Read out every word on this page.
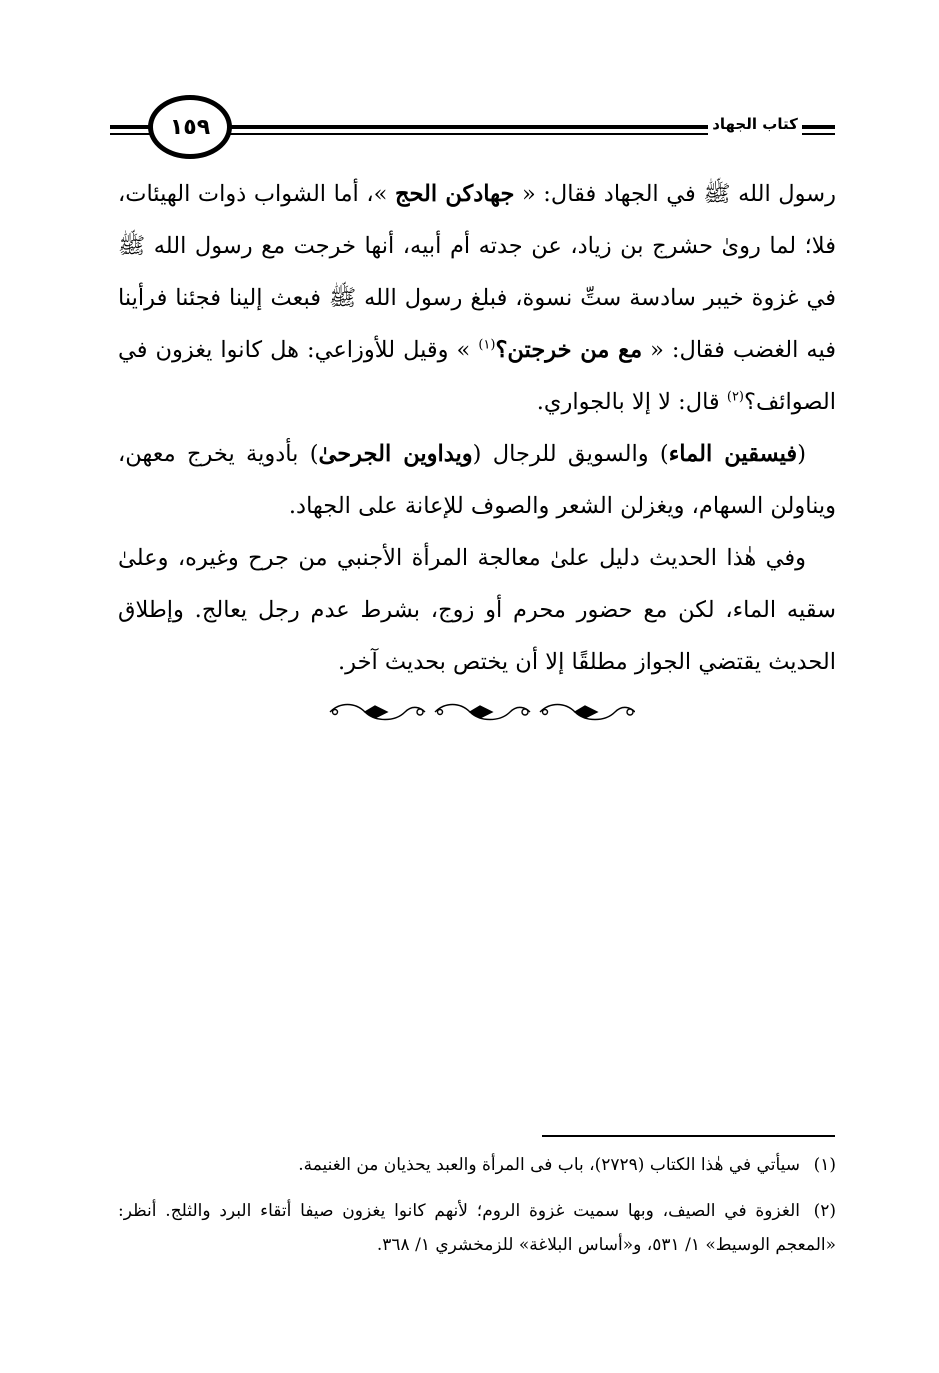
١٥٩	كتاب الجهاد

رسول الله ﷺ في الجهاد فقال: « جهادكن الحج »، أما الشواب ذوات الهيئات، فلا؛ لما روىٰ حشرج بن زياد، عن جدته أم أبيه، أنها خرجت مع رسول الله ﷺ في غزوة خيبر سادسة ستِّ نسوة، فبلغ رسول الله ﷺ فبعث إلينا فجئنا فرأينا فيه الغضب فقال: « مع من خرجتن؟$^{(١)}$ » وقيل للأوزاعي: هل كانوا يغزون في الصوائف؟$^{(٢)}$ قال: لا إلا بالجواري.

(فيسقين الماء) والسويق للرجال (ويداوين الجرحىٰ) بأدوية يخرج معهن، ويناولن السهام، ويغزلن الشعر والصوف للإعانة على الجهاد.

وفي هٰذا الحديث دليل علىٰ معالجة المرأة الأجنبي من جرح وغيره، وعلىٰ سقيه الماء، لكن مع حضور محرم أو زوج، بشرط عدم رجل يعالج. وإطلاق الحديث يقتضي الجواز مطلقًا إلا أن يختص بحديث آخر.

(١)سيأتي في هٰذا الكتاب (٢٧٢٩)، باب فى المرأة والعبد يحذيان من الغنيمة.

(٢)الغزوة في الصيف، وبها سميت غزوة الروم؛ لأنهم كانوا يغزون صيفا أتقاء البرد والثلج. أنظر: «المعجم الوسيط» ١/ ٥٣١، و«أساس البلاغة» للزمخشري ١/ ٣٦٨.
